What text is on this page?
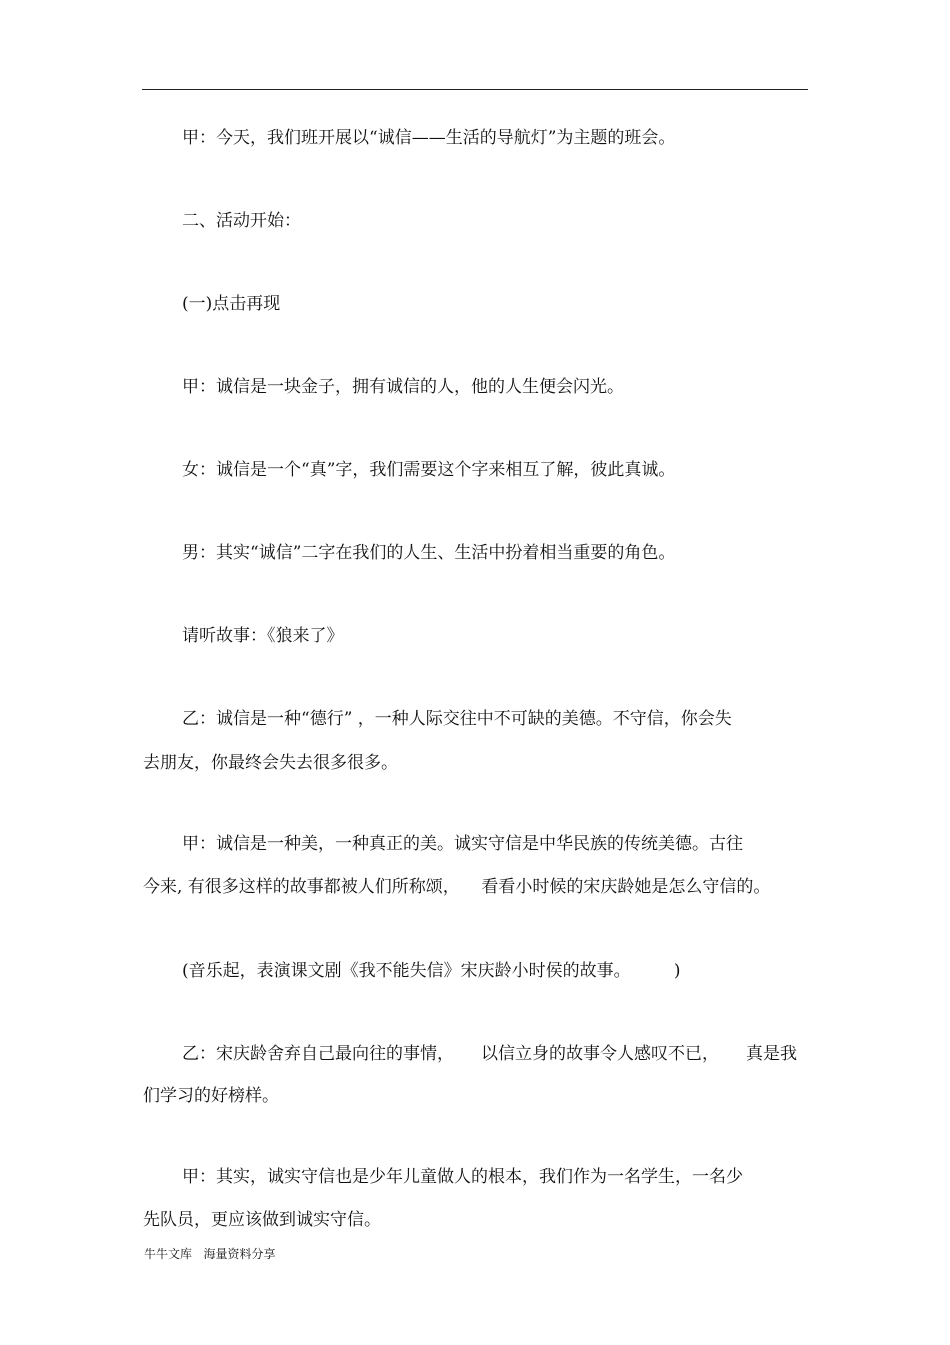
甲：今天，我们班开展以“诚信——生活的导航灯”为主题的班会。
二、活动开始：
(一)点击再现
甲：诚信是一块金子，拥有诚信的人，他的人生便会闪光。
女：诚信是一个“真”字，我们需要这个字来相互了解，彼此真诚。
男：其实“诚信”二字在我们的人生、生活中扮着相当重要的角色。
请听故事：《狼来了》
乙：诚信是一种“德行” ，一种人际交往中不可缺的美德。不守信，你会失
去朋友，你最终会失去很多很多。
甲：诚信是一种美，一种真正的美。诚实守信是中华民族的传统美德。古往
今来, 有很多这样的故事都被人们所称颂，    看看小时候的宋庆龄她是怎么守信的。
(音乐起，表演课文剧《我不能失信》宋庆龄小时侯的故事。        )
乙：宋庆龄舍弃自己最向往的事情，     以信立身的故事令人感叹不已，     真是我
们学习的好榜样。
甲：其实，诚实守信也是少年儿童做人的根本，我们作为一名学生，一名少
先队员，更应该做到诚实守信。
牛牛文库   海量资料分享
